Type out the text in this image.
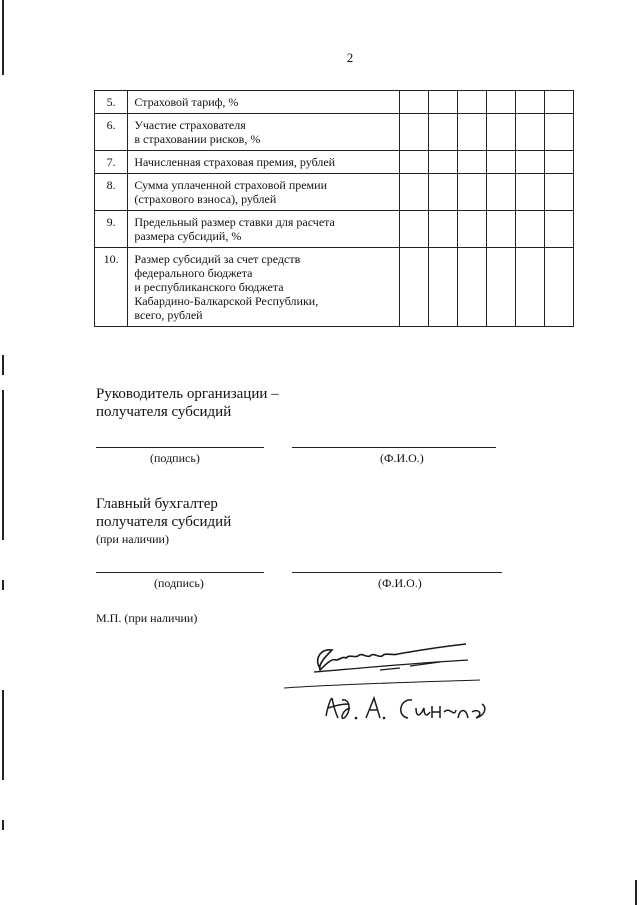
2
5.	Страховой тариф, %						

6.	Участие страхователя
в страховании рисков, %						

7.	Начисленная страховая премия, рублей						

8.	Сумма уплаченной страховой премии
(страхового взноса), рублей						

9.	Предельный размер ставки для расчета
размера субсидий, %						

10.	Размер субсидий за счет средств
федерального бюджета
и республиканского бюджета
Кабардино-Балкарской Республики,
всего, рублей						

Руководитель организации –
получателя субсидий
(подпись)	(Ф.И.О.)
Главный бухгалтер
получателя субсидий
(при наличии)
(подпись)	(Ф.И.О.)
М.П. (при наличии)
